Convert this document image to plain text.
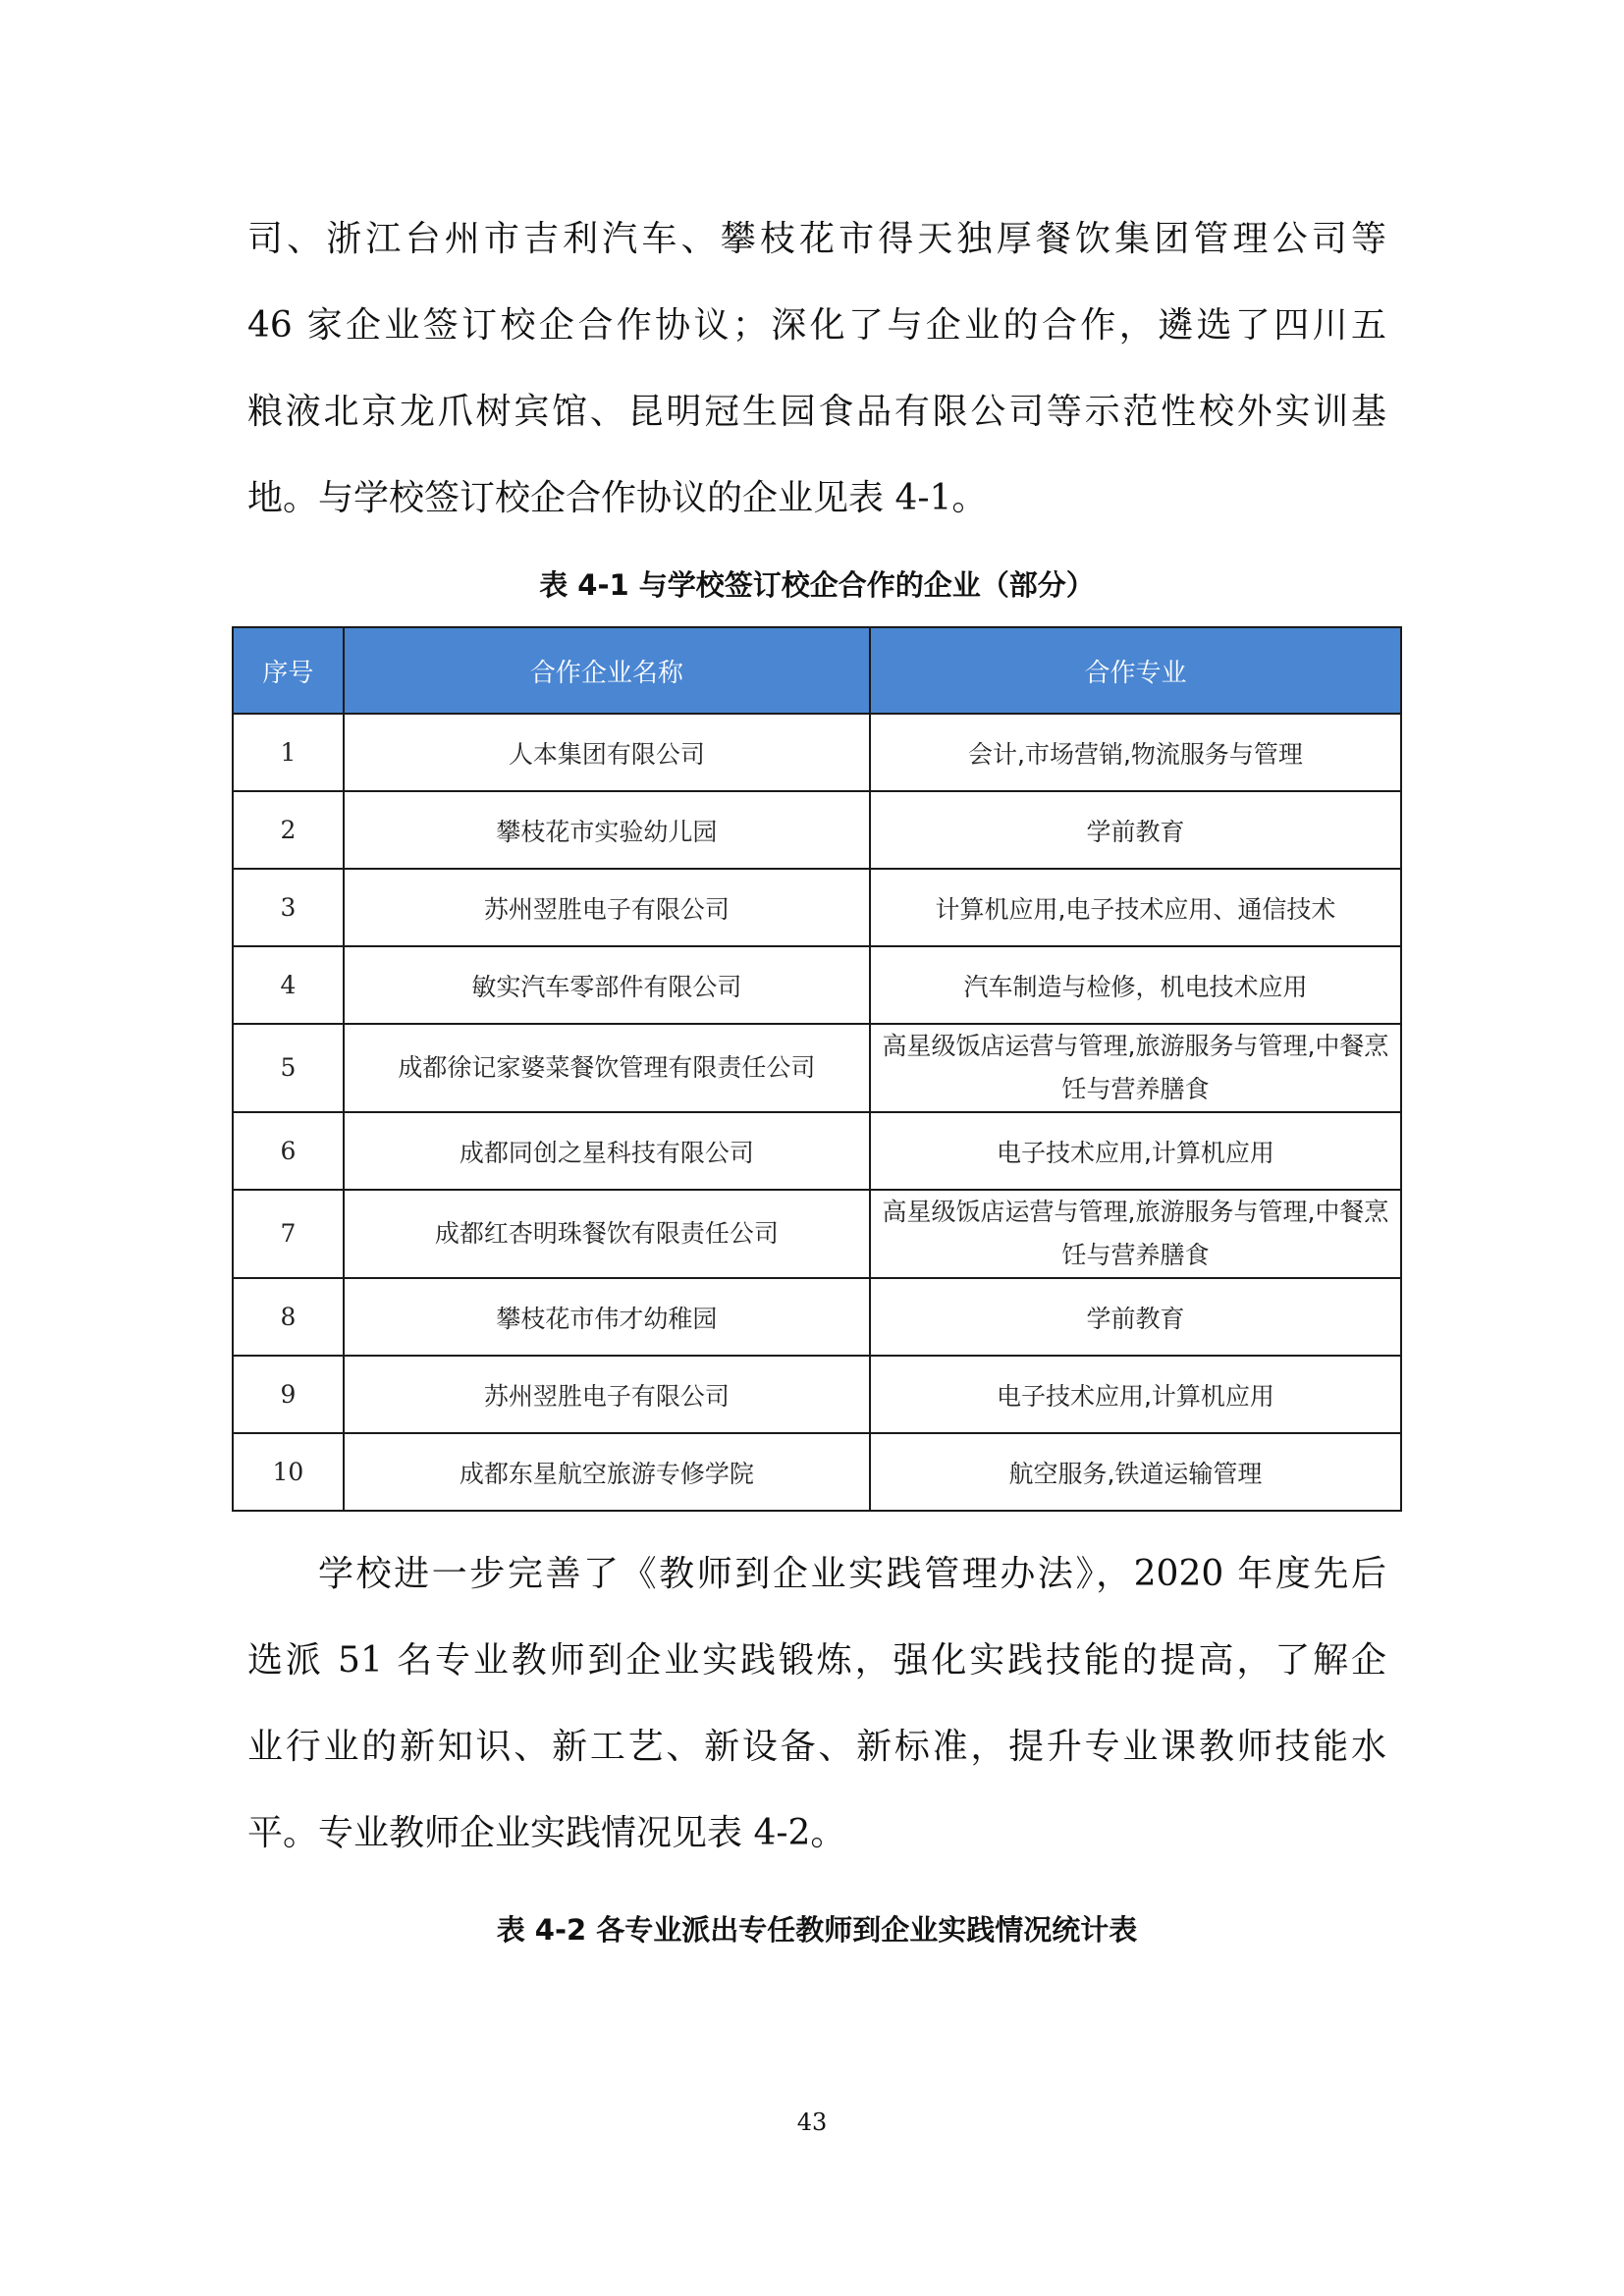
司、浙江台州市吉利汽车、攀枝花市得天独厚餐饮集团管理公司等
46 家企业签订校企合作协议；深化了与企业的合作，遴选了四川五
粮液北京龙爪树宾馆、昆明冠生园食品有限公司等示范性校外实训基
地。与学校签订校企合作协议的企业见表 4-1。

表 4-1 与学校签订校企合作的企业（部分）

序号	合作企业名称	合作专业
1	人本集团有限公司	会计,市场营销,物流服务与管理
2	攀枝花市实验幼儿园	学前教育
3	苏州翌胜电子有限公司	计算机应用,电子技术应用、通信技术
4	敏实汽车零部件有限公司	汽车制造与检修，机电技术应用
5	成都徐记家婆菜餐饮管理有限责任公司	高星级饭店运营与管理,旅游服务与管理,中餐烹饪与营养膳食
6	成都同创之星科技有限公司	电子技术应用,计算机应用
7	成都红杏明珠餐饮有限责任公司	高星级饭店运营与管理,旅游服务与管理,中餐烹饪与营养膳食
8	攀枝花市伟才幼稚园	学前教育
9	苏州翌胜电子有限公司	电子技术应用,计算机应用
10	成都东星航空旅游专修学院	航空服务,铁道运输管理
学校进一步完善了《教师到企业实践管理办法》，2020 年度先后
选派 51 名专业教师到企业实践锻炼，强化实践技能的提高，了解企
业行业的新知识、新工艺、新设备、新标准，提升专业课教师技能水
平。专业教师企业实践情况见表 4-2。

表 4-2 各专业派出专任教师到企业实践情况统计表

43
